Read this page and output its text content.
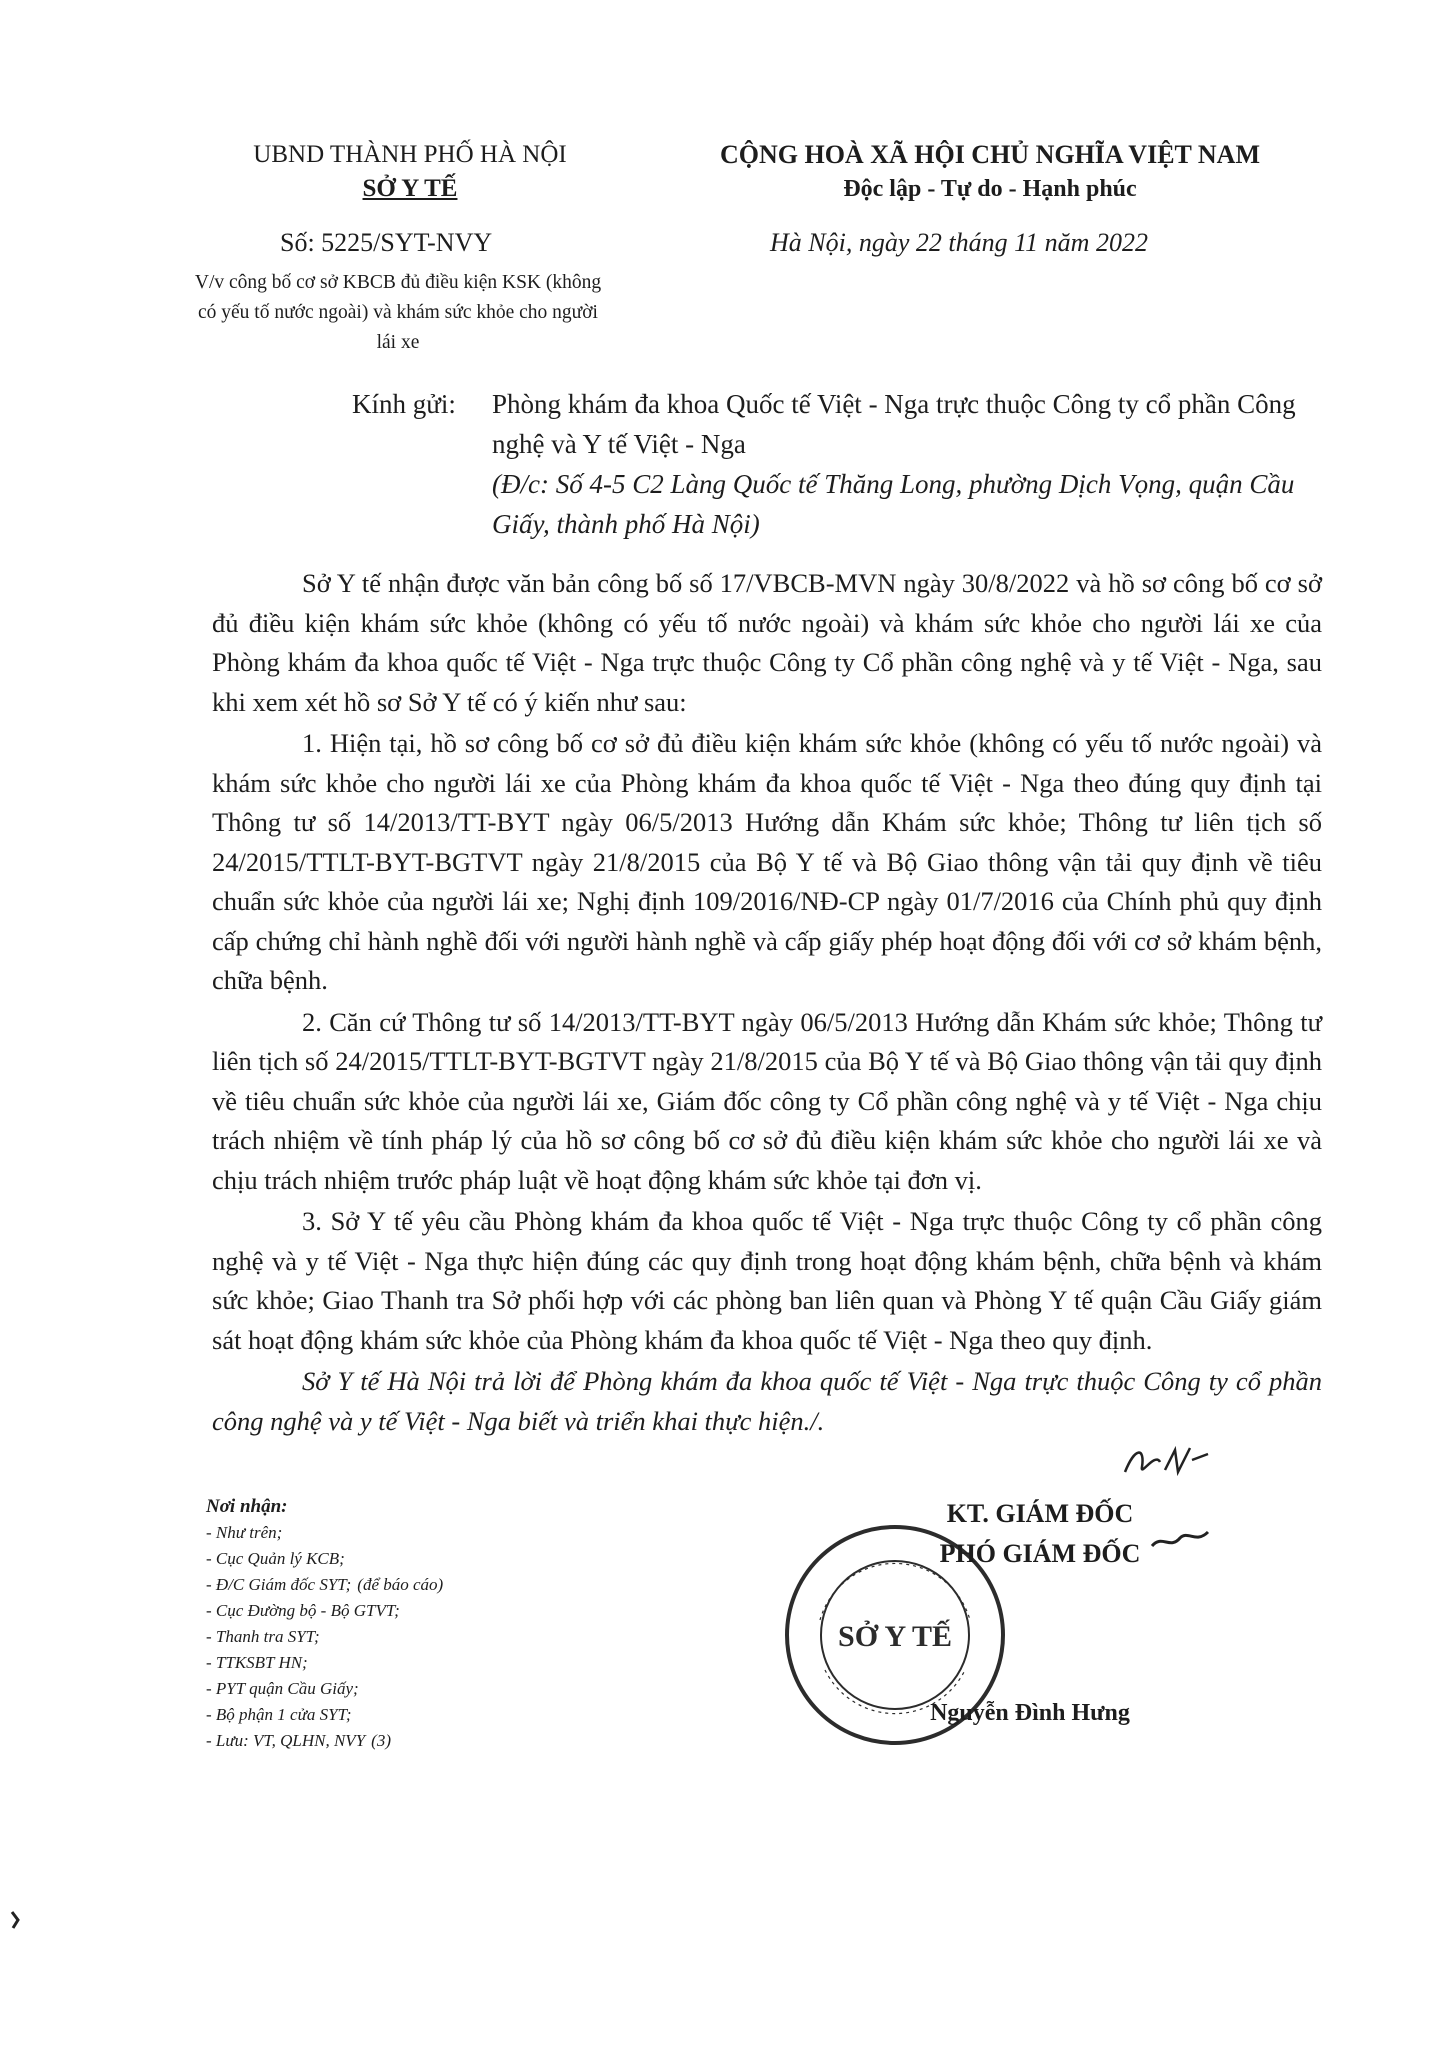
UBND THÀNH PHỐ HÀ NỘI
SỞ Y TẾ
CỘNG HOÀ XÃ HỘI CHỦ NGHĨA VIỆT NAM
Độc lập - Tự do - Hạnh phúc
Số: 5225/SYT-NVY	Hà Nội, ngày 22 tháng 11 năm 2022
V/v công bố cơ sở KBCB đủ điều kiện KSK (không có yếu tố nước ngoài) và khám sức khỏe cho người lái xe
Kính gửi: Phòng khám đa khoa Quốc tế Việt - Nga trực thuộc Công ty cổ phần Công nghệ và Y tế Việt - Nga
(Đ/c: Số 4-5 C2 Làng Quốc tế Thăng Long, phường Dịch Vọng, quận Cầu Giấy, thành phố Hà Nội)

Sở Y tế nhận được văn bản công bố số 17/VBCB-MVN ngày 30/8/2022 và hồ sơ công bố cơ sở đủ điều kiện khám sức khỏe (không có yếu tố nước ngoài) và khám sức khỏe cho người lái xe của Phòng khám đa khoa quốc tế Việt - Nga trực thuộc Công ty Cổ phần công nghệ và y tế Việt - Nga, sau khi xem xét hồ sơ Sở Y tế có ý kiến như sau:

1. Hiện tại, hồ sơ công bố cơ sở đủ điều kiện khám sức khỏe (không có yếu tố nước ngoài) và khám sức khỏe cho người lái xe của Phòng khám đa khoa quốc tế Việt - Nga theo đúng quy định tại Thông tư số 14/2013/TT-BYT ngày 06/5/2013 Hướng dẫn Khám sức khỏe; Thông tư liên tịch số 24/2015/TTLT-BYT-BGTVT ngày 21/8/2015 của Bộ Y tế và Bộ Giao thông vận tải quy định về tiêu chuẩn sức khỏe của người lái xe; Nghị định 109/2016/NĐ-CP ngày 01/7/2016 của Chính phủ quy định cấp chứng chỉ hành nghề đối với người hành nghề và cấp giấy phép hoạt động đối với cơ sở khám bệnh, chữa bệnh.

2. Căn cứ Thông tư số 14/2013/TT-BYT ngày 06/5/2013 Hướng dẫn Khám sức khỏe; Thông tư liên tịch số 24/2015/TTLT-BYT-BGTVT ngày 21/8/2015 của Bộ Y tế và Bộ Giao thông vận tải quy định về tiêu chuẩn sức khỏe của người lái xe, Giám đốc công ty Cổ phần công nghệ và y tế Việt - Nga chịu trách nhiệm về tính pháp lý của hồ sơ công bố cơ sở đủ điều kiện khám sức khỏe cho người lái xe và chịu trách nhiệm trước pháp luật về hoạt động khám sức khỏe tại đơn vị.

3. Sở Y tế yêu cầu Phòng khám đa khoa quốc tế Việt - Nga trực thuộc Công ty cổ phần công nghệ và y tế Việt - Nga thực hiện đúng các quy định trong hoạt động khám bệnh, chữa bệnh và khám sức khỏe; Giao Thanh tra Sở phối hợp với các phòng ban liên quan và Phòng Y tế quận Cầu Giấy giám sát hoạt động khám sức khỏe của Phòng khám đa khoa quốc tế Việt - Nga theo quy định.

Sở Y tế Hà Nội trả lời để Phòng khám đa khoa quốc tế Việt - Nga trực thuộc Công ty cổ phần công nghệ và y tế Việt - Nga biết và triển khai thực hiện./.

Nơi nhận:
- Như trên;
- Cục Quản lý KCB;
- Đ/C Giám đốc SYT; (để báo cáo)
- Cục Đường bộ - Bộ GTVT;
- Thanh tra SYT;
- TTKSBT HN;
- PYT quận Cầu Giấy;
- Bộ phận 1 cửa SYT;
- Lưu: VT, QLHN, NVY (3)
SỞ Y TẾ
KT. GIÁM ĐỐC
PHÓ GIÁM ĐỐC
Nguyễn Đình Hưng
